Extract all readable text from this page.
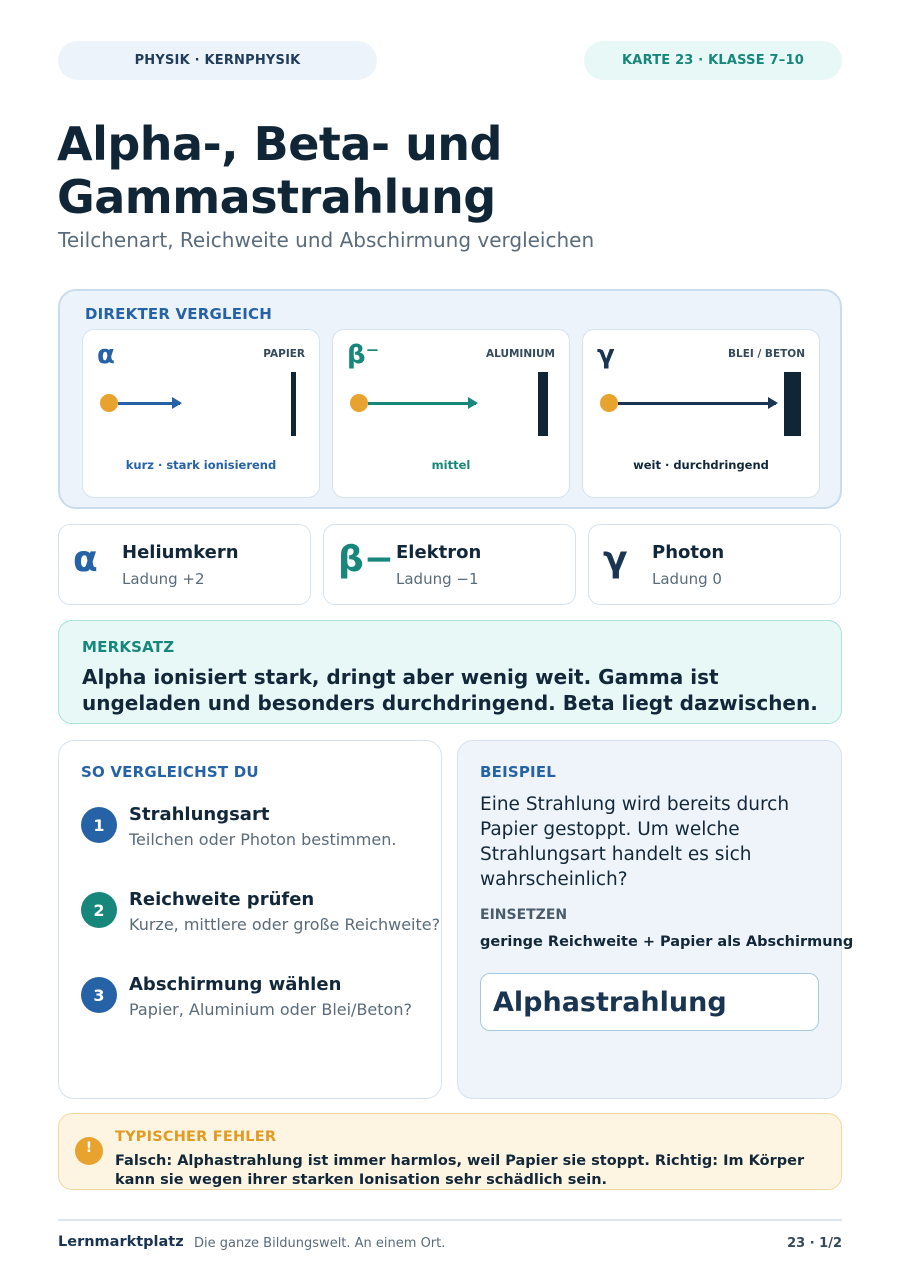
PHYSIK · KERNPHYSIK	KARTE 23 · KLASSE 7–10
Alpha-, Beta- und Gammastrahlung
Teilchenart, Reichweite und Abschirmung vergleichen
DIREKTER VERGLEICH
α	PAPIER
kurz · stark ionisierend
β⁻	ALUMINIUM
mittel
γ	BLEI / BETON
weit · durchdringend
α Heliumkern
Ladung +2	β− Elektron
Ladung −1	γ Photon
Ladung 0
MERKSATZ

Alpha ionisiert stark, dringt aber wenig weit. Gamma ist ungeladen und besonders durchdringend. Beta liegt dazwischen.

SO VERGLEICHST DU
1	Strahlungsart
Teilchen oder Photon bestimmen.
2	Reichweite prüfen
Kurze, mittlere oder große Reichweite?
3	Abschirmung wählen
Papier, Aluminium oder Blei/Beton?
BEISPIEL

Eine Strahlung wird bereits durch Papier gestoppt. Um welche Strahlungsart handelt es sich wahrscheinlich?

EINSETZEN
geringe Reichweite + Papier als Abschirmung
Alphastrahlung
!
TYPISCHER FEHLER

Falsch: Alphastrahlung ist immer harmlos, weil Papier sie stoppt. Richtig: Im Körper kann sie wegen ihrer starken Ionisation sehr schädlich sein.

Lernmarktplatz Die ganze Bildungswelt. An einem Ort.	23 · 1/2
